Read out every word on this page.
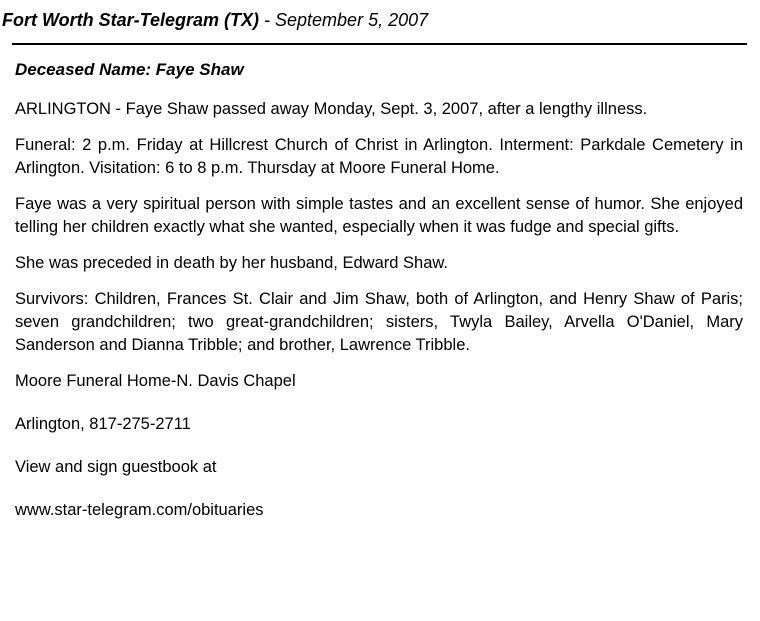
Fort Worth Star-Telegram (TX) - September 5, 2007
Deceased Name: Faye Shaw

ARLINGTON - Faye Shaw passed away Monday, Sept. 3, 2007, after a lengthy illness.

Funeral: 2 p.m. Friday at Hillcrest Church of Christ in Arlington. Interment: Parkdale Cemetery in Arlington. Visitation: 6 to 8 p.m. Thursday at Moore Funeral Home.

Faye was a very spiritual person with simple tastes and an excellent sense of humor. She enjoyed telling her children exactly what she wanted, especially when it was fudge and special gifts.

She was preceded in death by her husband, Edward Shaw.

Survivors: Children, Frances St. Clair and Jim Shaw, both of Arlington, and Henry Shaw of Paris; seven grandchildren; two great-grandchildren; sisters, Twyla Bailey, Arvella O'Daniel, Mary Sanderson and Dianna Tribble; and brother, Lawrence Tribble.

Moore Funeral Home-N. Davis Chapel

Arlington, 817-275-2711

View and sign guestbook at

www.star-telegram.com/obituaries
